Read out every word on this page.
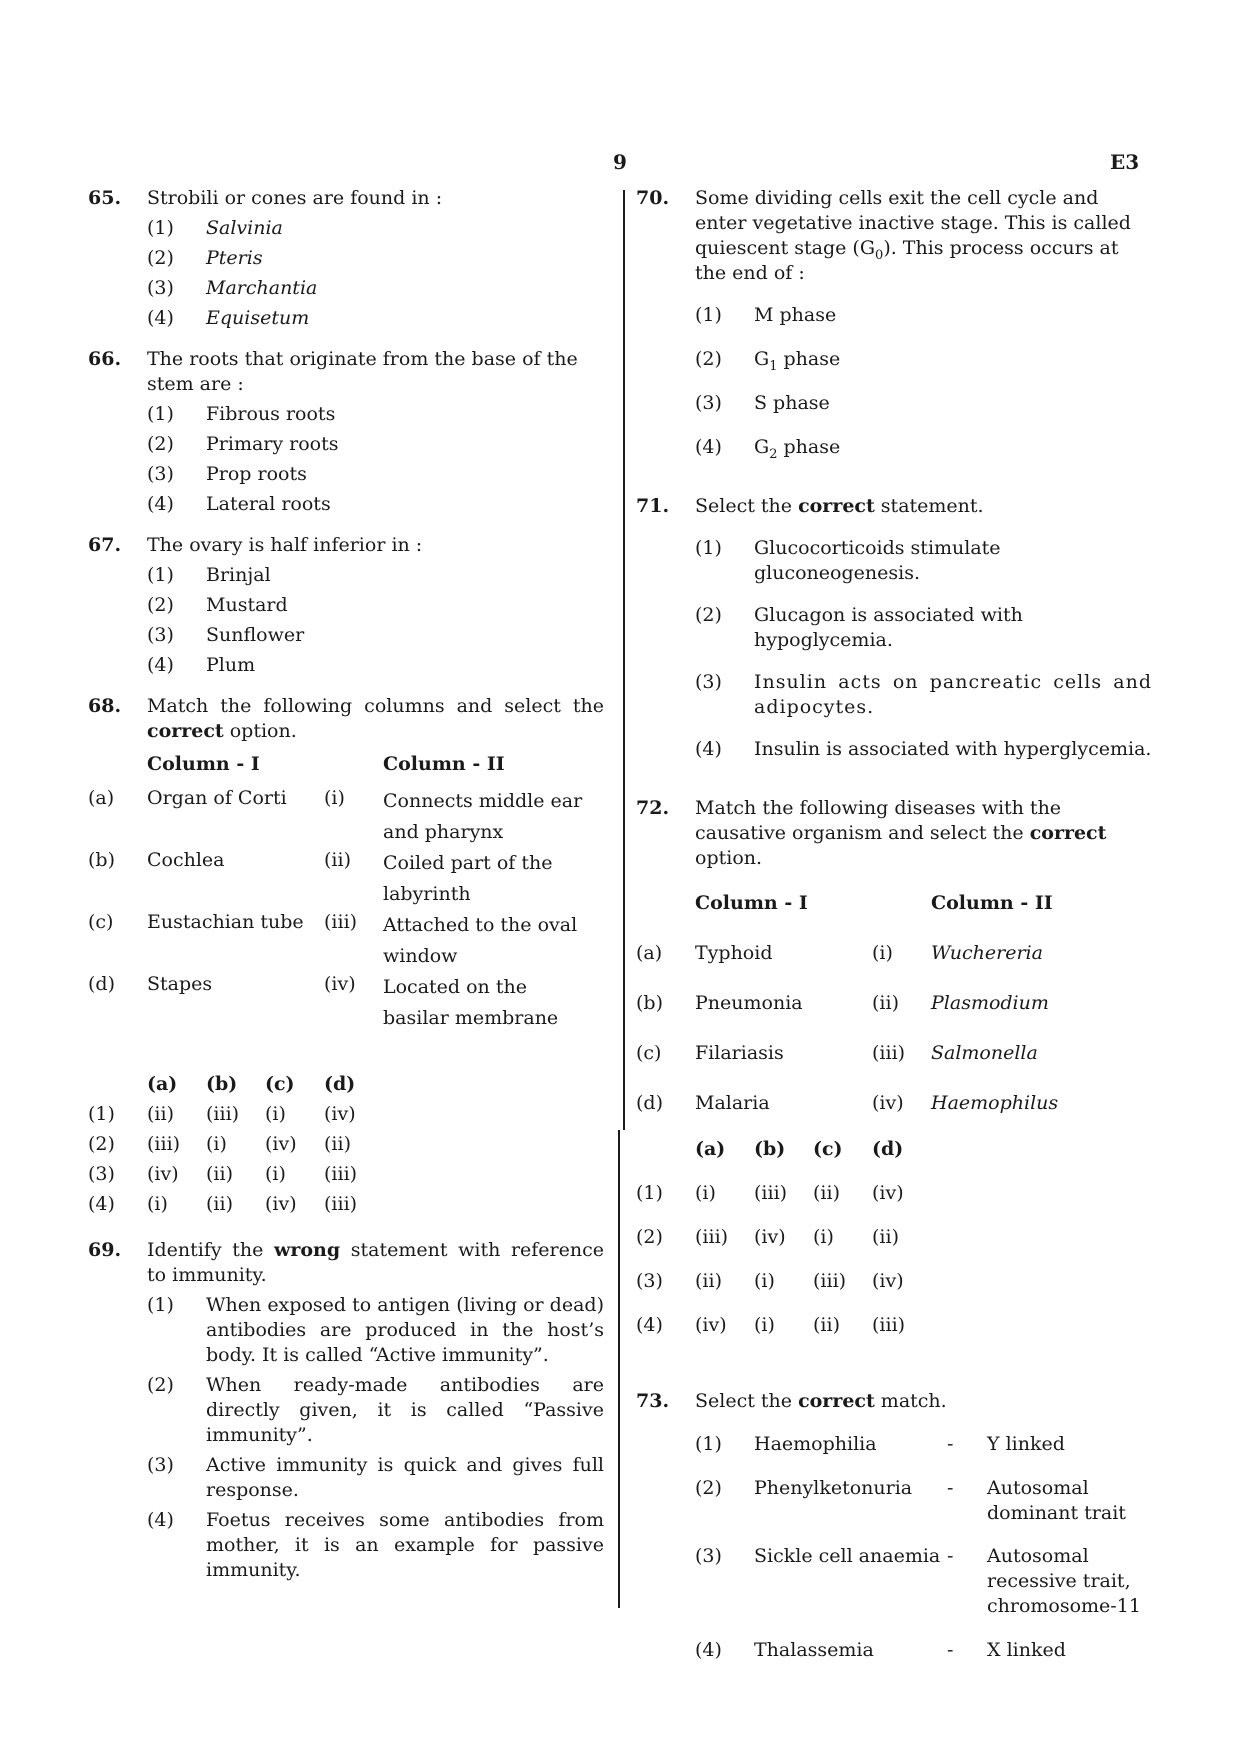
9	E3
65. Strobili or cones are found in :
(1) Salvinia
(2) Pteris
(3) Marchantia
(4) Equisetum
66. The roots that originate from the base of the stem are :
(1) Fibrous roots
(2) Primary roots
(3) Prop roots
(4) Lateral roots
67. The ovary is half inferior in :
(1) Brinjal
(2) Mustard
(3) Sunflower
(4) Plum
68. Match the following columns and select the
correct option.
	Column - I		Column - II
(a)	Organ of Corti	(i)	Connects middle ear and pharynx
(b)	Cochlea	(ii)	Coiled part of the labyrinth
(c)	Eustachian tube	(iii)	Attached to the oval window
(d)	Stapes	(iv)	Located on the basilar membrane
	(a)	(b)	(c)	(d)
(1)	(ii)	(iii)	(i)	(iv)
(2)	(iii)	(i)	(iv)	(ii)
(3)	(iv)	(ii)	(i)	(iii)
(4)	(i)	(ii)	(iv)	(iii)
69. Identify the wrong statement with reference to immunity.
(1) When exposed to antigen (living or dead) antibodies are produced in the host’s body. It is called “Active immunity”.
(2) When ready-made antibodies are directly given, it is called “Passive immunity”.
(3) Active immunity is quick and gives full response.
(4) Foetus receives some antibodies from mother, it is an example for passive immunity.
70. Some dividing cells exit the cell cycle and enter vegetative inactive stage. This is called quiescent stage $(G_0)$. This process occurs at the end of :
(1) M phase
(2) $G_1$ phase
(3) S phase
(4) $G_2$ phase
71. Select the correct statement.
(1) Glucocorticoids stimulate gluconeogenesis.
(2) Glucagon is associated with hypoglycemia.
(3) Insulin acts on pancreatic cells and adipocytes.
(4) Insulin is associated with hyperglycemia.
72. Match the following diseases with the causative organism and select the correct option.
	Column - I		Column - II
(a)	Typhoid	(i)	Wuchereria
(b)	Pneumonia	(ii)	Plasmodium
(c)	Filariasis	(iii)	Salmonella
(d)	Malaria	(iv)	Haemophilus
	(a)	(b)	(c)	(d)
(1)	(i)	(iii)	(ii)	(iv)
(2)	(iii)	(iv)	(i)	(ii)
(3)	(ii)	(i)	(iii)	(iv)
(4)	(iv)	(i)	(ii)	(iii)
73. Select the correct match.
	(1)	Haemophilia	-	Y linked
	(2)	Phenylketonuria	-	Autosomal dominant trait
	(3)	Sickle cell anaemia	-	Autosomal recessive trait, chromosome-11
	(4)	Thalassemia	-	X linked
